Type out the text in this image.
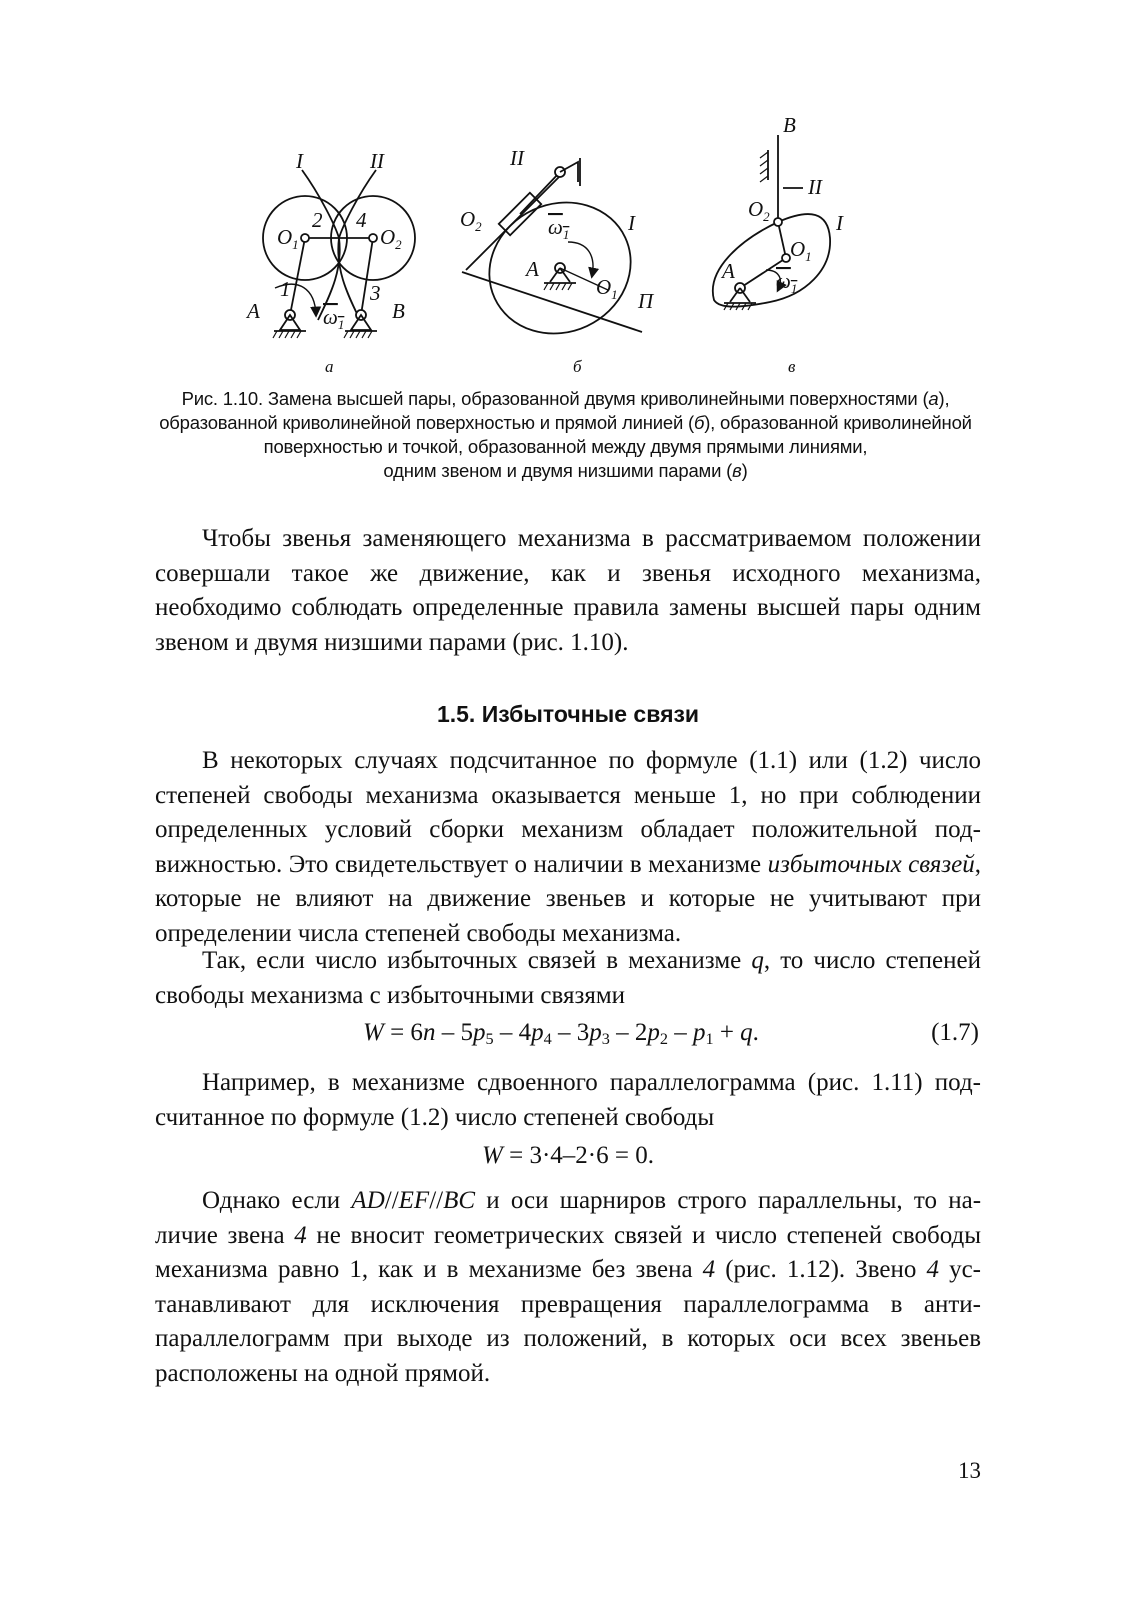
I	II
2 4
$O_1$	$O_2$
1	3
A	B
$\omega_1$
а
II
$O_2$	$\omega_1$	I
A
$O_1$ П
б
B
II
$O_2$	I
$O_1$
A $\omega_1$
в
Рис. 1.10. Замена высшей пары, образованной двумя криволинейными поверхностями (а),
образованной криволинейной поверхностью и прямой линией (б), образованной криволинейной
поверхностью и точкой, образованной между двумя прямыми линиями,
одним звеном и двумя низшими парами (в)

Чтобы звенья заменяющего механизма в рассматриваемом положении совершали такое же движение, как и звенья исходного механизма, необходимо соблюдать определенные правила замены высшей пары одним звеном и двумя низшими парами (рис. 1.10).

1.5. Избыточные связи

В некоторых случаях подсчитанное по формуле (1.1) или (1.2) число степеней свободы механизма оказывается меньше 1, но при соблюдении определенных условий сборки механизм обладает положительной подвижностью. Это свидетельствует о наличии в механизме избыточных связей, которые не влияют на движение звеньев и которые не учитывают при определении числа степеней свободы механизма.

Так, если число избыточных связей в механизме q, то число степеней свободы механизма с избыточными связями

$W = 6n - 5p_5 - 4p_4 - 3p_3 - 2p_2 - p_1 + q$.	(1.7)

Например, в механизме сдвоенного параллелограмма (рис. 1.11) подсчитанное по формуле (1.2) число степеней свободы

W = 3·4–2·6 = 0.

Однако если AD//EF//BC и оси шарниров строго параллельны, то наличие звена 4 не вносит геометрических связей и число степеней свободы механизма равно 1, как и в механизме без звена 4 (рис. 1.12). Звено 4 устанавливают для исключения превращения параллелограмма в антипараллелограмм при выходе из положений, в которых оси всех звеньев расположены на одной прямой.

13
